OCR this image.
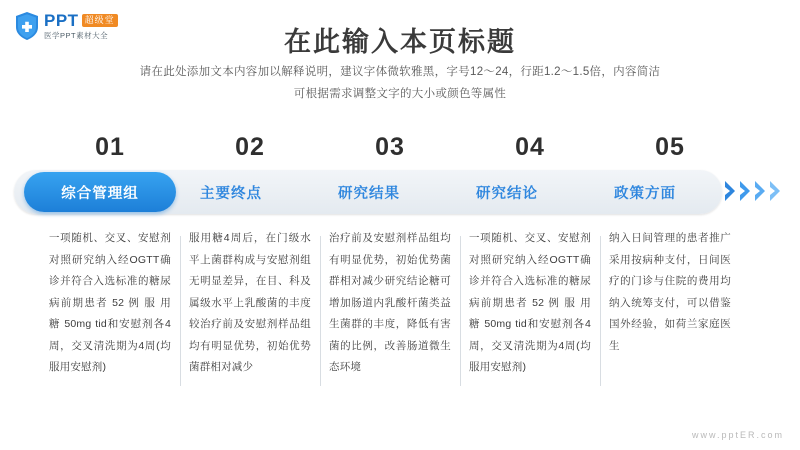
PPT 超级堂
医学PPT素材大全	在此输入本页标题
请在此处添加文本内容加以解释说明，建议字体微软雅黑，字号12～24，行距1.2～1.5倍，内容简洁
可根据需求调整文字的大小或颜色等属性
01	02	03	04	05
主要终点	研究结果	研究结论	政策方面
综合管理组

一项随机、交叉、安慰剂对照研究纳入经OGTT确诊并符合入选标准的糖尿病前期患者 52 例 服 用 糖 50mg tid和安慰剂各4周，交叉清洗期为4周(均服用安慰剂)

服用糖4周后，在门级水平上菌群构成与安慰剂组无明显差异，在目、科及属级水平上乳酸菌的丰度较治疗前及安慰剂样品组均有明显优势，初始优势菌群相对减少

治疗前及安慰剂样品组均有明显优势，初始优势菌群相对减少研究结论糖可增加肠道内乳酸杆菌类益生菌群的丰度，降低有害菌的比例，改善肠道微生态环境

一项随机、交叉、安慰剂对照研究纳入经OGTT确诊并符合入选标准的糖尿病前期患者 52 例 服 用 糖 50mg tid和安慰剂各4周，交叉清洗期为4周(均服用安慰剂)

纳入日间管理的患者推广采用按病种支付，日间医疗的门诊与住院的费用均纳入统筹支付，可以借鉴国外经验，如荷兰家庭医生

www.pptER.com
